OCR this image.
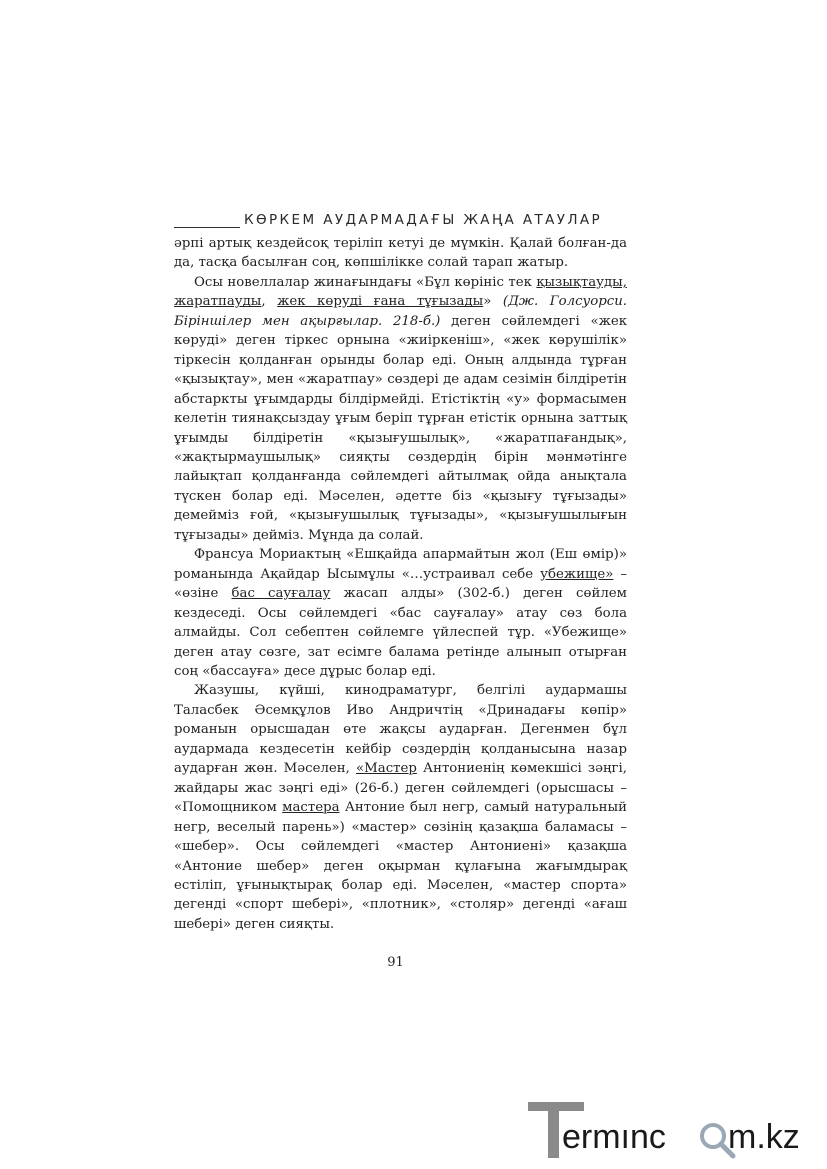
КӨРКЕМ АУДАРМАДАҒЫ ЖАҢА АТАУЛАР

әрпі артық кездейсоқ теріліп кетуі де мүмкін. Қалай болған-да да, тасқа басылған соң, көпшілікке солай тарап жатыр.

Осы новеллалар жинағындағы «Бұл көрініс тек қызықтауды, жаратпауды, жек көруді ғана тұғызады» (Дж. Голсуорси. Біріншілер мен ақырғылар. 218-б.) деген сөйлемдегі «жек көруді» деген тіркес орнына «жиіркеніш», «жек көрушілік» тіркесін қолданған орынды болар еді. Оның алдында тұрған «қызықтау», мен «жаратпау» сөздері де адам сезімін білдіретін абстаркты ұғымдарды білдірмейді. Етістіктің «у» формасымен келетін тиянақсыздау ұғым беріп тұрған етістік орнына заттық ұғымды білдіретін «қызығушылық», «жаратпағандық», «жақтырмаушылық» сияқты сөздердің бірін мәнмәтінге лайықтап қолданғанда сөйлемдегі айтылмақ ойда анықтала түскен болар еді. Мәселен, әдетте біз «қызығу тұғызады» демейміз ғой, «қызығушылық тұғызады», «қызығушылығын тұғызады» дейміз. Мұнда да солай.

Франсуа Мориактың «Ешқайда апармайтын жол (Еш өмір)» романында Ақайдар Ысымұлы «…устраивал себе убежище» – «өзіне бас сауғалау жасап алды» (302-б.) деген сөйлем кездеседі. Осы сөйлемдегі «бас сауғалау» атау сөз бола алмайды. Сол себептен сөйлемге үйлеспей тұр. «Убежище» деген атау сөзге, зат есімге балама ретінде алынып отырған соң «бассауға» десе дұрыс болар еді.

Жазушы, күйші, кинодраматург, белгілі аудармашы Таласбек Әсемқұлов Иво Андричтің «Дринадағы көпір» романын орысшадан өте жақсы аударған. Дегенмен бұл аудармада кездесетін кейбір сөздердің қолданысына назар аударған жөн. Мәселен, «Мастер Антониенің көмекшісі зәңгі, жайдары жас зәңгі еді» (26-б.) деген сөйлемдегі (орысшасы – «Помощником мастера Антоние был негр, самый натуральный негр, веселый парень») «мастер» сөзінің қазақша баламасы – «шебер». Осы сөйлемдегі «мастер Антониені» қазақша «Антоние шебер» деген оқырман құлағына жағымдырақ естіліп, ұғынықтырақ болар еді. Мәселен, «мастер спорта» дегенді «спорт шебері», «плотник», «столяр» дегенді «ағаш шебері» деген сияқты.

91
ermınc m.kz
